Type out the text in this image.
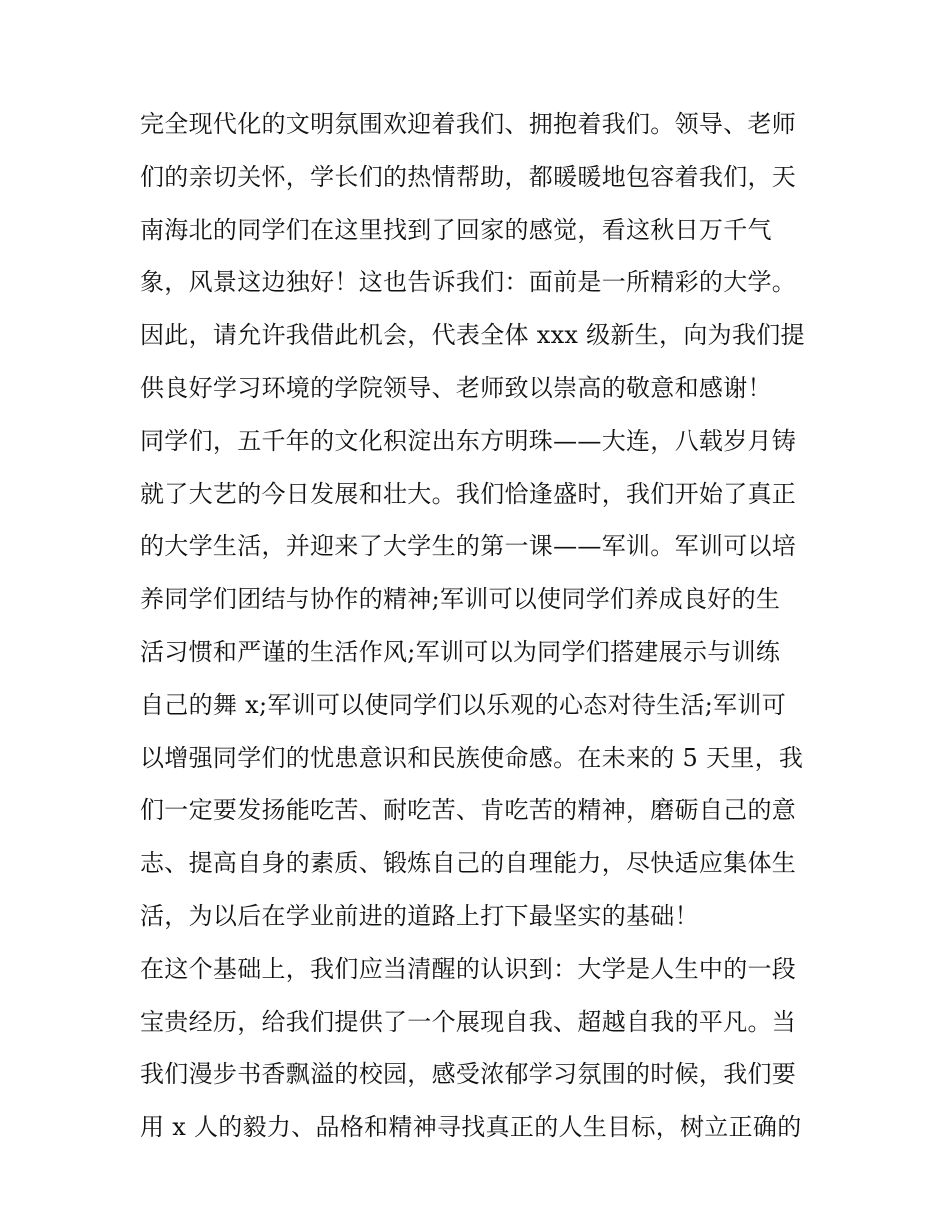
完全现代化的文明氛围欢迎着我们、拥抱着我们。领导、老师
们的亲切关怀，学长们的热情帮助，都暖暖地包容着我们，天
南海北的同学们在这里找到了回家的感觉，看这秋日万千气
象，风景这边独好！这也告诉我们：面前是一所精彩的大学。
因此，请允许我借此机会，代表全体 xxx 级新生，向为我们提
供良好学习环境的学院领导、老师致以崇高的敬意和感谢！
同学们，五千年的文化积淀出东方明珠——大连，八载岁月铸
就了大艺的今日发展和壮大。我们恰逢盛时，我们开始了真正
的大学生活，并迎来了大学生的第一课——军训。军训可以培
养同学们团结与协作的精神;军训可以使同学们养成良好的生
活习惯和严谨的生活作风;军训可以为同学们搭建展示与训练
自己的舞 x;军训可以使同学们以乐观的心态对待生活;军训可
以增强同学们的忧患意识和民族使命感。在未来的 5 天里，我
们一定要发扬能吃苦、耐吃苦、肯吃苦的精神，磨砺自己的意
志、提高自身的素质、锻炼自己的自理能力，尽快适应集体生
活，为以后在学业前进的道路上打下最坚实的基础！
在这个基础上，我们应当清醒的认识到：大学是人生中的一段
宝贵经历，给我们提供了一个展现自我、超越自我的平凡。当
我们漫步书香飘溢的校园，感受浓郁学习氛围的时候，我们要
用 x 人的毅力、品格和精神寻找真正的人生目标，树立正确的
